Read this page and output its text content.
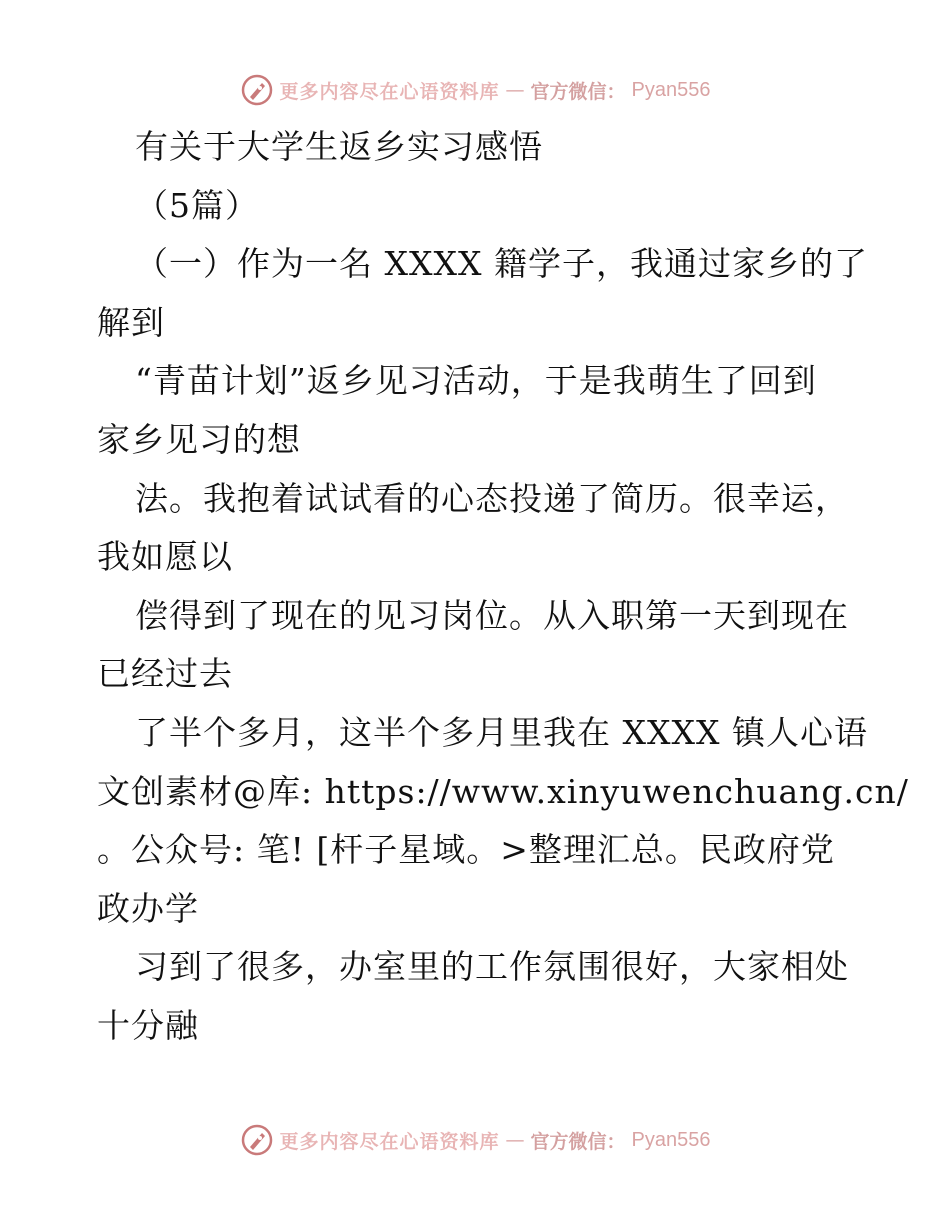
更多内容尽在心语资料库 — 官方微信： Pyan556
有关于大学生返乡实习感悟
（5篇）
（一）作为一名 XXXX 籍学子，我通过家乡的了
解到
“青苗计划”返乡见习活动，于是我萌生了回到
家乡见习的想
法。我抱着试试看的心态投递了简历。很幸运，
我如愿以
偿得到了现在的见习岗位。从入职第一天到现在
已经过去
了半个多月，这半个多月里我在 XXXX 镇人心语
文创素材@库: https://www.xinyuwenchuang.cn/
。公众号: 笔! [杆子星域。>整理汇总。民政府党
政办学
习到了很多，办室里的工作氛围很好，大家相处
十分融
更多内容尽在心语资料库 — 官方微信： Pyan556
